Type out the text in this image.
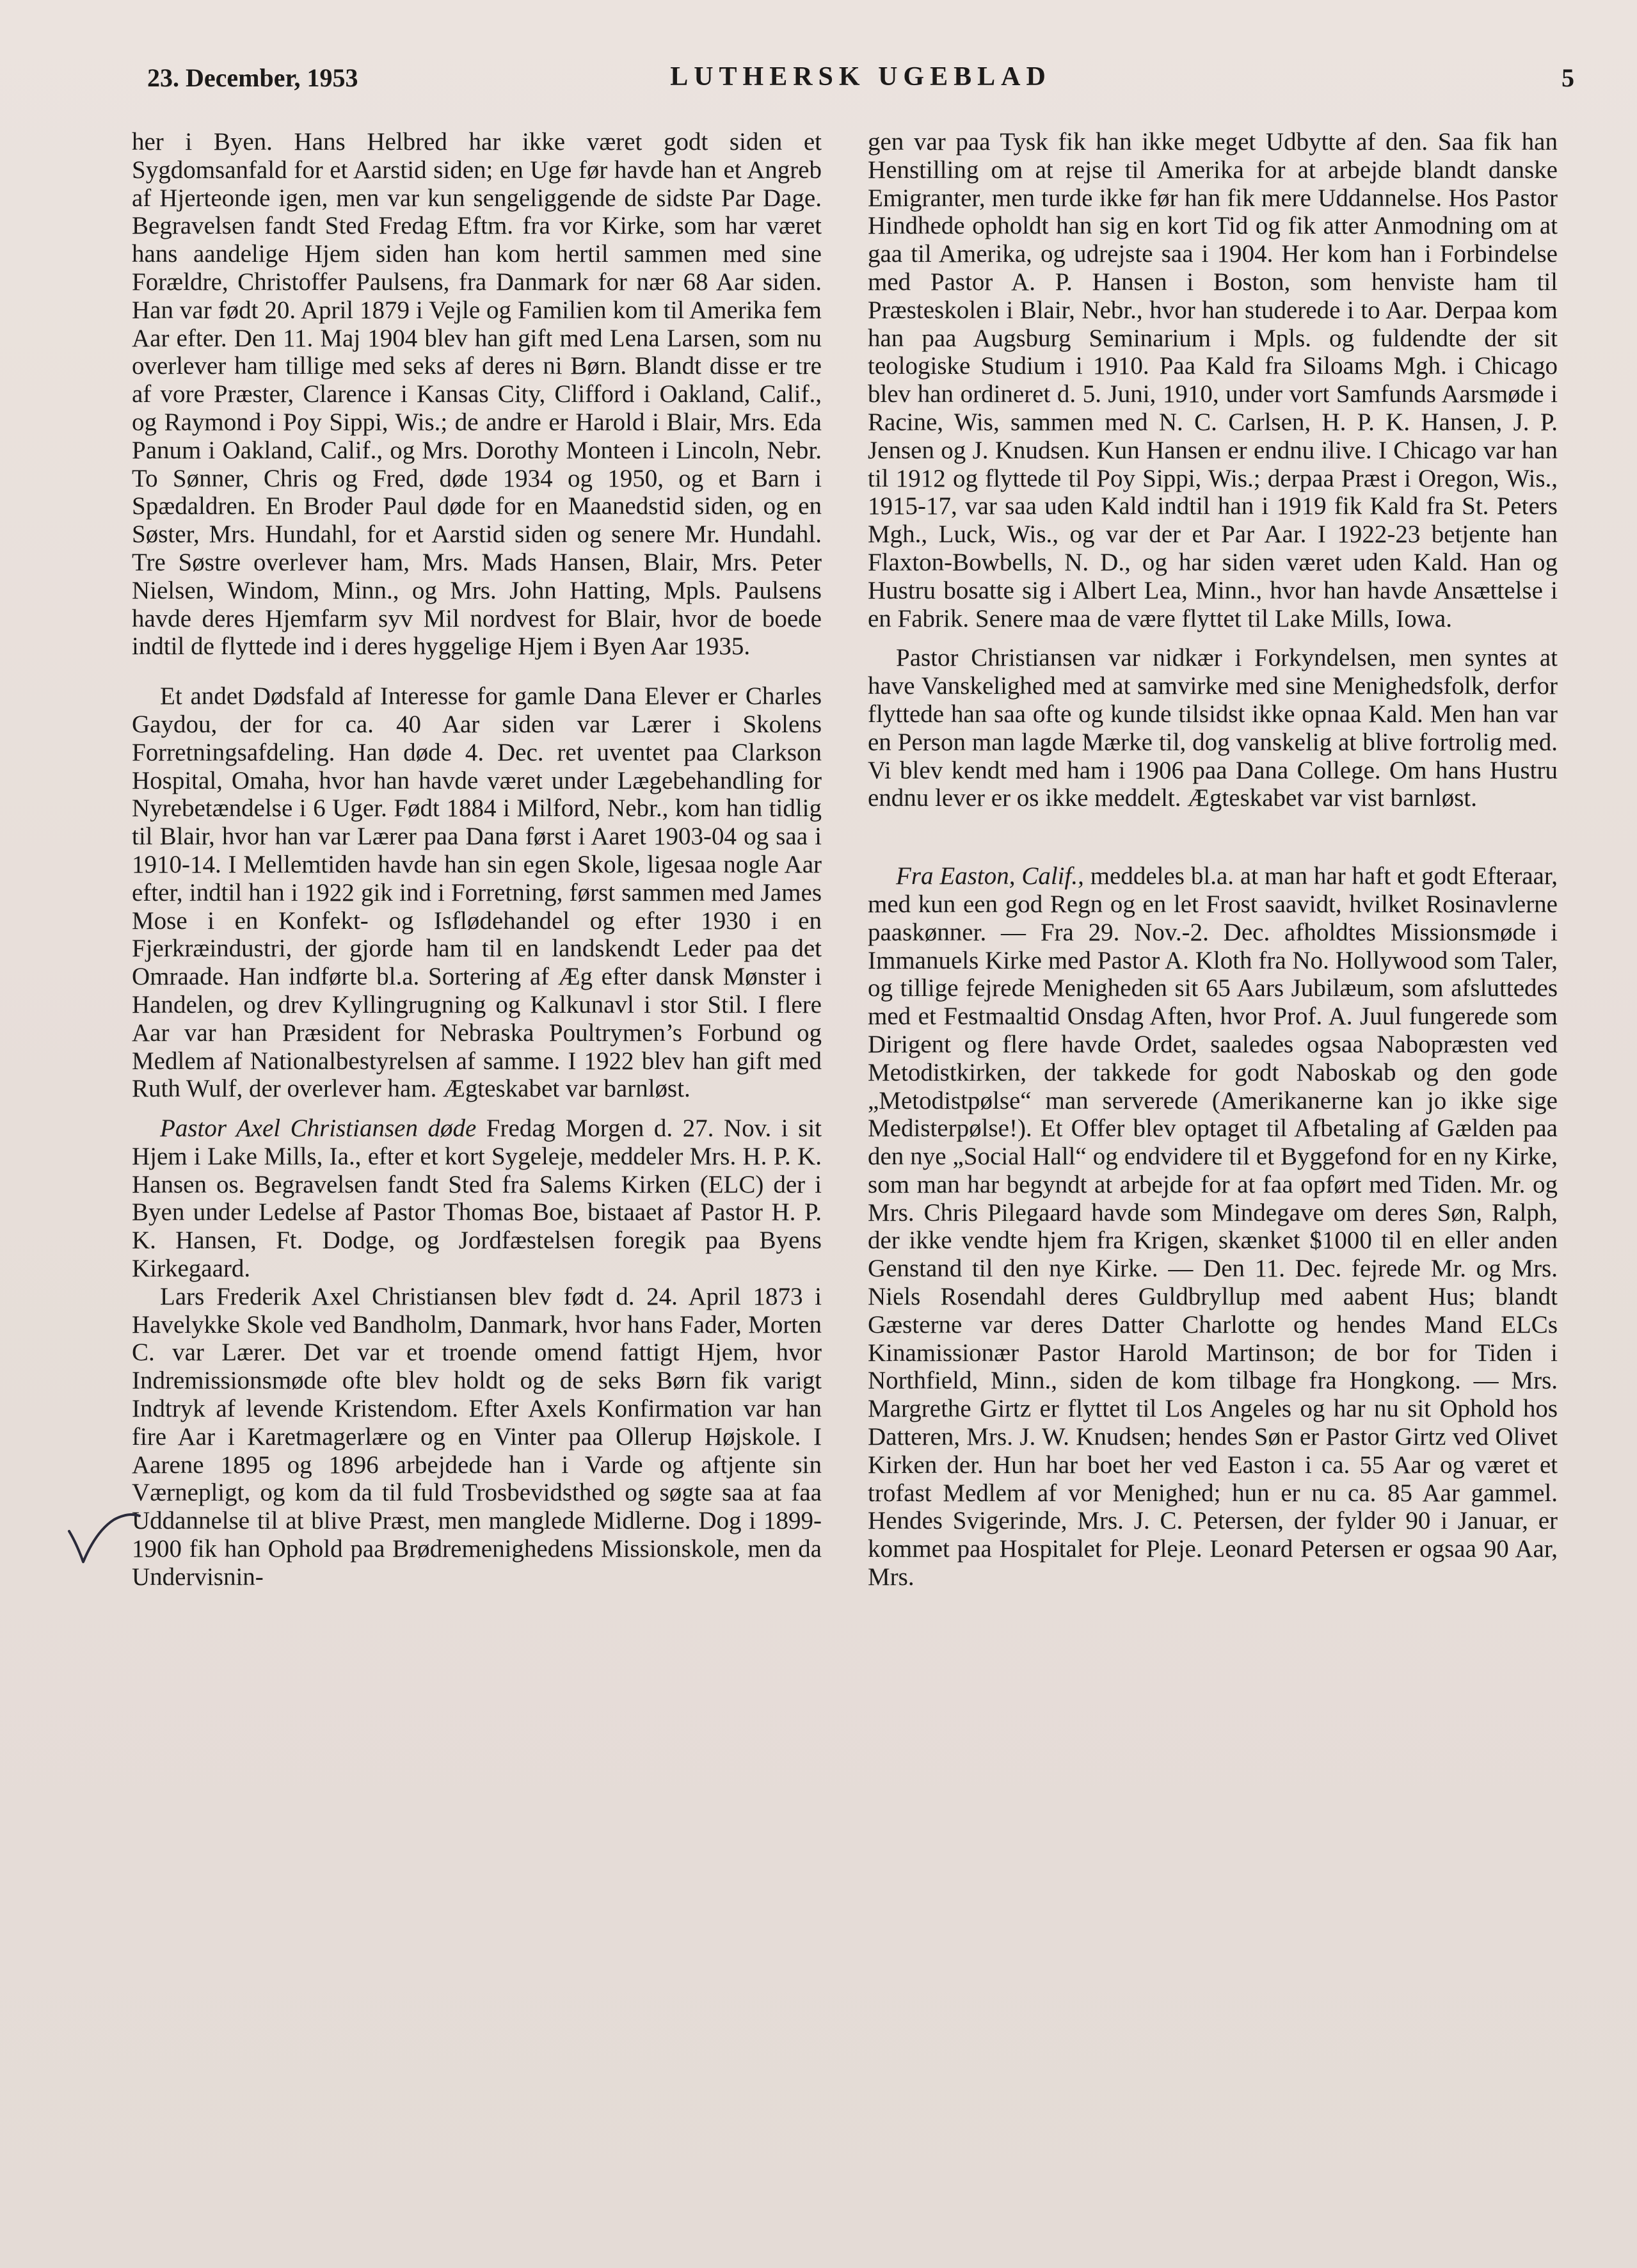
23. December, 1953	LUTHERSK UGEBLAD	5

her i Byen. Hans Helbred har ikke været godt siden et Sygdomsanfald for et Aarstid siden; en Uge før havde han et Angreb af Hjerteonde igen, men var kun sengeliggende de sidste Par Dage. Begravelsen fandt Sted Fredag Eftm. fra vor Kirke, som har været hans aandelige Hjem siden han kom hertil sammen med sine Forældre, Christoffer Paulsens, fra Danmark for nær 68 Aar siden. Han var født 20. April 1879 i Vejle og Familien kom til Amerika fem Aar efter. Den 11. Maj 1904 blev han gift med Lena Larsen, som nu overlever ham tillige med seks af deres ni Børn. Blandt disse er tre af vore Præster, Clarence i Kansas City, Clifford i Oakland, Calif., og Raymond i Poy Sippi, Wis.; de andre er Harold i Blair, Mrs. Eda Panum i Oakland, Calif., og Mrs. Dorothy Monteen i Lincoln, Nebr. To Sønner, Chris og Fred, døde 1934 og 1950, og et Barn i Spædaldren. En Broder Paul døde for en Maanedstid siden, og en Søster, Mrs. Hundahl, for et Aarstid siden og senere Mr. Hundahl. Tre Søstre overlever ham, Mrs. Mads Hansen, Blair, Mrs. Peter Nielsen, Windom, Minn., og Mrs. John Hatting, Mpls. Paulsens havde deres Hjemfarm syv Mil nordvest for Blair, hvor de boede indtil de flyttede ind i deres hyggelige Hjem i Byen Aar 1935.

Et andet Dødsfald af Interesse for gamle Dana Elever er Charles Gaydou, der for ca. 40 Aar siden var Lærer i Skolens Forretningsafdeling. Han døde 4. Dec. ret uventet paa Clarkson Hospital, Omaha, hvor han havde været under Lægebehandling for Nyrebetændelse i 6 Uger. Født 1884 i Milford, Nebr., kom han tidlig til Blair, hvor han var Lærer paa Dana først i Aaret 1903-04 og saa i 1910-14. I Mellemtiden havde han sin egen Skole, ligesaa nogle Aar efter, indtil han i 1922 gik ind i Forretning, først sammen med James Mose i en Konfekt- og Isflødehandel og efter 1930 i en Fjerkræindustri, der gjorde ham til en landskendt Leder paa det Omraade. Han indførte bl.a. Sortering af Æg efter dansk Mønster i Handelen, og drev Kyllingrugning og Kalkunavl i stor Stil. I flere Aar var han Præsident for Nebraska Poultrymen’s Forbund og Medlem af Nationalbestyrelsen af samme. I 1922 blev han gift med Ruth Wulf, der overlever ham. Ægteskabet var barnløst.

Pastor Axel Christiansen døde Fredag Morgen d. 27. Nov. i sit Hjem i Lake Mills, Ia., efter et kort Sygeleje, meddeler Mrs. H. P. K. Hansen os. Begravelsen fandt Sted fra Salems Kirken (ELC) der i Byen under Ledelse af Pastor Thomas Boe, bistaaet af Pastor H. P. K. Hansen, Ft. Dodge, og Jordfæstelsen foregik paa Byens Kirkegaard.

Lars Frederik Axel Christiansen blev født d. 24. April 1873 i Havelykke Skole ved Bandholm, Danmark, hvor hans Fader, Morten C. var Lærer. Det var et troende omend fattigt Hjem, hvor Indremissionsmøde ofte blev holdt og de seks Børn fik varigt Indtryk af levende Kristendom. Efter Axels Konfirmation var han fire Aar i Karetmagerlære og en Vinter paa Ollerup Højskole. I Aarene 1895 og 1896 arbejdede han i Varde og aftjente sin Værnepligt, og kom da til fuld Trosbevidsthed og søgte saa at faa Uddannelse til at blive Præst, men manglede Midlerne. Dog i 1899-1900 fik han Ophold paa Brødremenighedens Missionskole, men da Undervisnin-

gen var paa Tysk fik han ikke meget Udbytte af den. Saa fik han Henstilling om at rejse til Amerika for at arbejde blandt danske Emigranter, men turde ikke før han fik mere Uddannelse. Hos Pastor Hindhede opholdt han sig en kort Tid og fik atter Anmodning om at gaa til Amerika, og udrejste saa i 1904. Her kom han i Forbindelse med Pastor A. P. Hansen i Boston, som henviste ham til Præsteskolen i Blair, Nebr., hvor han studerede i to Aar. Derpaa kom han paa Augsburg Seminarium i Mpls. og fuldendte der sit teologiske Studium i 1910. Paa Kald fra Siloams Mgh. i Chicago blev han ordineret d. 5. Juni, 1910, under vort Samfunds Aarsmøde i Racine, Wis, sammen med N. C. Carlsen, H. P. K. Hansen, J. P. Jensen og J. Knudsen. Kun Hansen er endnu ilive. I Chicago var han til 1912 og flyttede til Poy Sippi, Wis.; derpaa Præst i Oregon, Wis., 1915-17, var saa uden Kald indtil han i 1919 fik Kald fra St. Peters Mgh., Luck, Wis., og var der et Par Aar. I 1922-23 betjente han Flaxton-Bowbells, N. D., og har siden været uden Kald. Han og Hustru bosatte sig i Albert Lea, Minn., hvor han havde Ansættelse i en Fabrik. Senere maa de være flyttet til Lake Mills, Iowa.

Pastor Christiansen var nidkær i Forkyndelsen, men syntes at have Vanskelighed med at samvirke med sine Menighedsfolk, derfor flyttede han saa ofte og kunde tilsidst ikke opnaa Kald. Men han var en Person man lagde Mærke til, dog vanskelig at blive fortrolig med. Vi blev kendt med ham i 1906 paa Dana College. Om hans Hustru endnu lever er os ikke meddelt. Ægteskabet var vist barnløst.

Fra Easton, Calif., meddeles bl.a. at man har haft et godt Efteraar, med kun een god Regn og en let Frost saavidt, hvilket Rosinavlerne paaskønner. — Fra 29. Nov.-2. Dec. afholdtes Missionsmøde i Immanuels Kirke med Pastor A. Kloth fra No. Hollywood som Taler, og tillige fejrede Menigheden sit 65 Aars Jubilæum, som afsluttedes med et Festmaaltid Onsdag Aften, hvor Prof. A. Juul fungerede som Dirigent og flere havde Ordet, saaledes ogsaa Nabopræsten ved Metodistkirken, der takkede for godt Naboskab og den gode „Metodistpølse“ man serverede (Amerikanerne kan jo ikke sige Medisterpølse!). Et Offer blev optaget til Afbetaling af Gælden paa den nye „Social Hall“ og endvidere til et Byggefond for en ny Kirke, som man har begyndt at arbejde for at faa opført med Tiden. Mr. og Mrs. Chris Pilegaard havde som Mindegave om deres Søn, Ralph, der ikke vendte hjem fra Krigen, skænket $1000 til en eller anden Genstand til den nye Kirke. — Den 11. Dec. fejrede Mr. og Mrs. Niels Rosendahl deres Guldbryllup med aabent Hus; blandt Gæsterne var deres Datter Charlotte og hendes Mand ELCs Kinamissionær Pastor Harold Martinson; de bor for Tiden i Northfield, Minn., siden de kom tilbage fra Hongkong. — Mrs. Margrethe Girtz er flyttet til Los Angeles og har nu sit Ophold hos Datteren, Mrs. J. W. Knudsen; hendes Søn er Pastor Girtz ved Olivet Kirken der. Hun har boet her ved Easton i ca. 55 Aar og været et trofast Medlem af vor Menighed; hun er nu ca. 85 Aar gammel. Hendes Svigerinde, Mrs. J. C. Petersen, der fylder 90 i Januar, er kommet paa Hospitalet for Pleje. Leonard Petersen er ogsaa 90 Aar, Mrs.
